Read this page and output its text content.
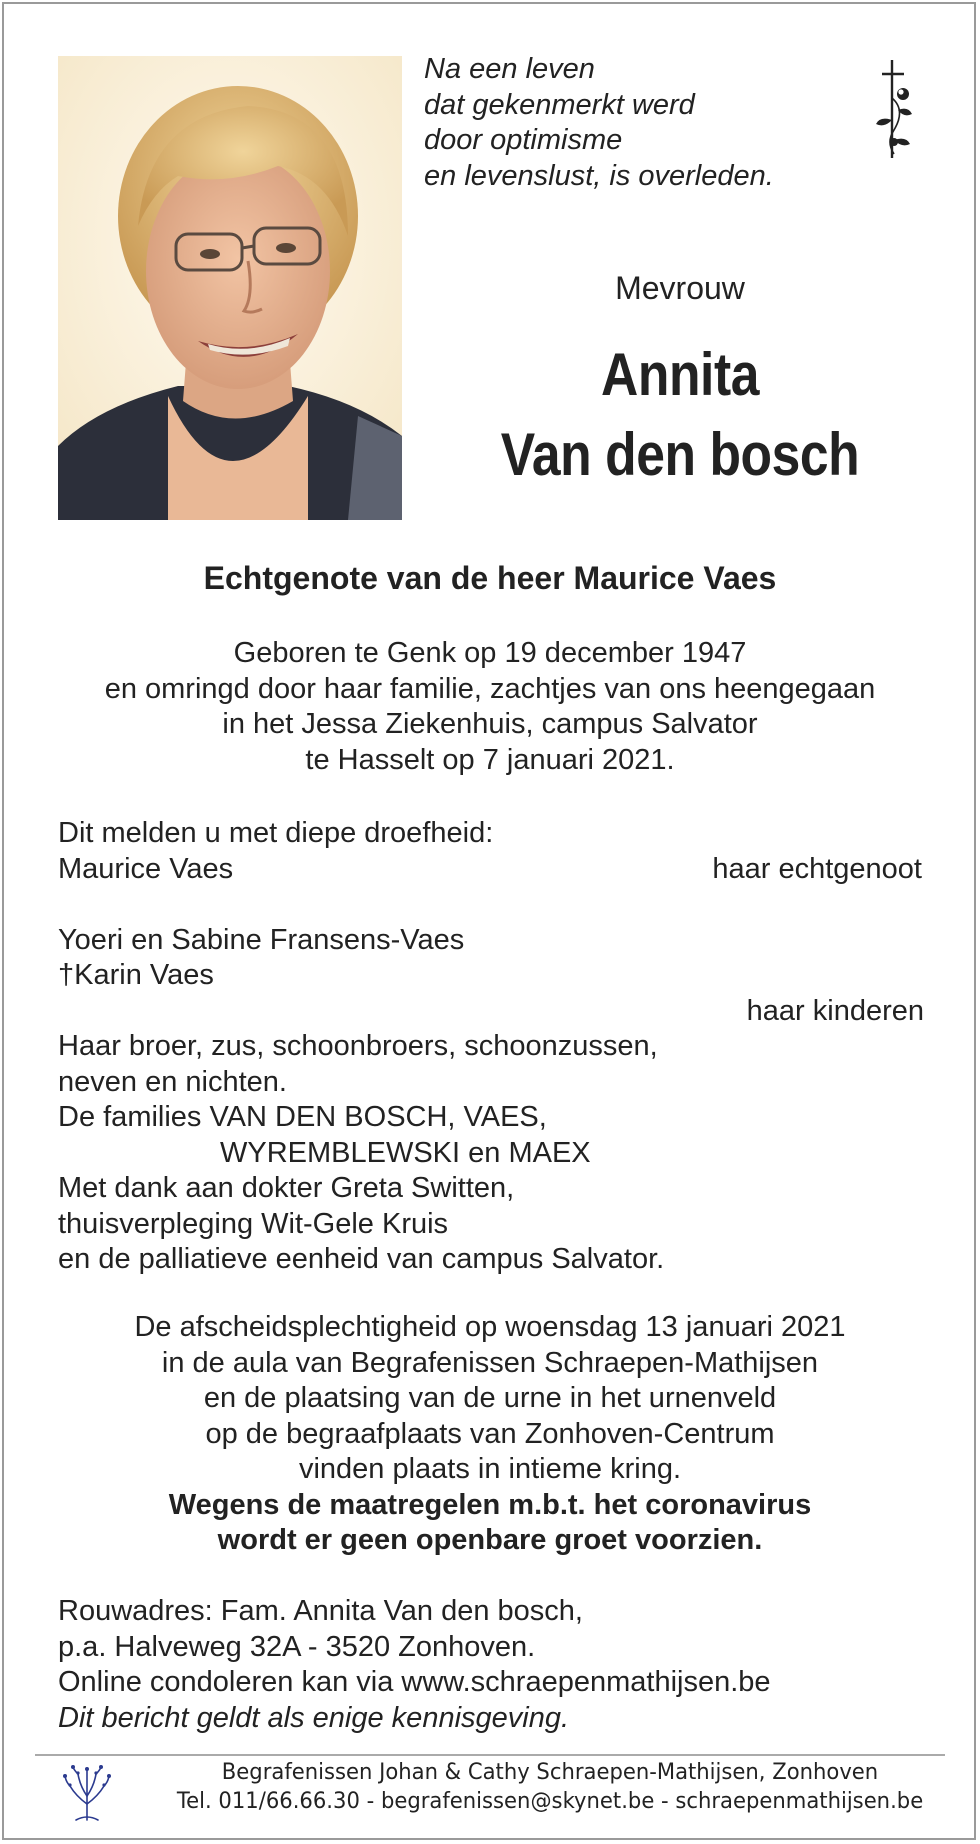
Na een leven
dat gekenmerkt werd
door optimisme
en levenslust, is overleden.
Mevrouw
Annita
Van den bosch
Echtgenote van de heer Maurice Vaes
Geboren te Genk op 19 december 1947
en omringd door haar familie, zachtjes van ons heengegaan
in het Jessa Ziekenhuis, campus Salvator
te Hasselt op 7 januari 2021.
Dit melden u met diepe droefheid:
Maurice Vaes	haar echtgenoot
Yoeri en Sabine Fransens-Vaes
†Karin Vaes
haar kinderen
Haar broer, zus, schoonbroers, schoonzussen,
neven en nichten.
De families VAN DEN BOSCH, VAES,
WYREMBLEWSKI en MAEX
Met dank aan dokter Greta Switten,
thuisverpleging Wit-Gele Kruis
en de palliatieve eenheid van campus Salvator.
De afscheidsplechtigheid op woensdag 13 januari 2021
in de aula van Begrafenissen Schraepen-Mathijsen
en de plaatsing van de urne in het urnenveld
op de begraafplaats van Zonhoven-Centrum
vinden plaats in intieme kring.
Wegens de maatregelen m.b.t. het coronavirus
wordt er geen openbare groet voorzien.
Rouwadres: Fam. Annita Van den bosch,
p.a. Halveweg 32A - 3520 Zonhoven.
Online condoleren kan via www.schraepenmathijsen.be
Dit bericht geldt als enige kennisgeving.
Begrafenissen Johan & Cathy Schraepen-Mathijsen, Zonhoven
Tel. 011/66.66.30 - begrafenissen@skynet.be - schraepenmathijsen.be
